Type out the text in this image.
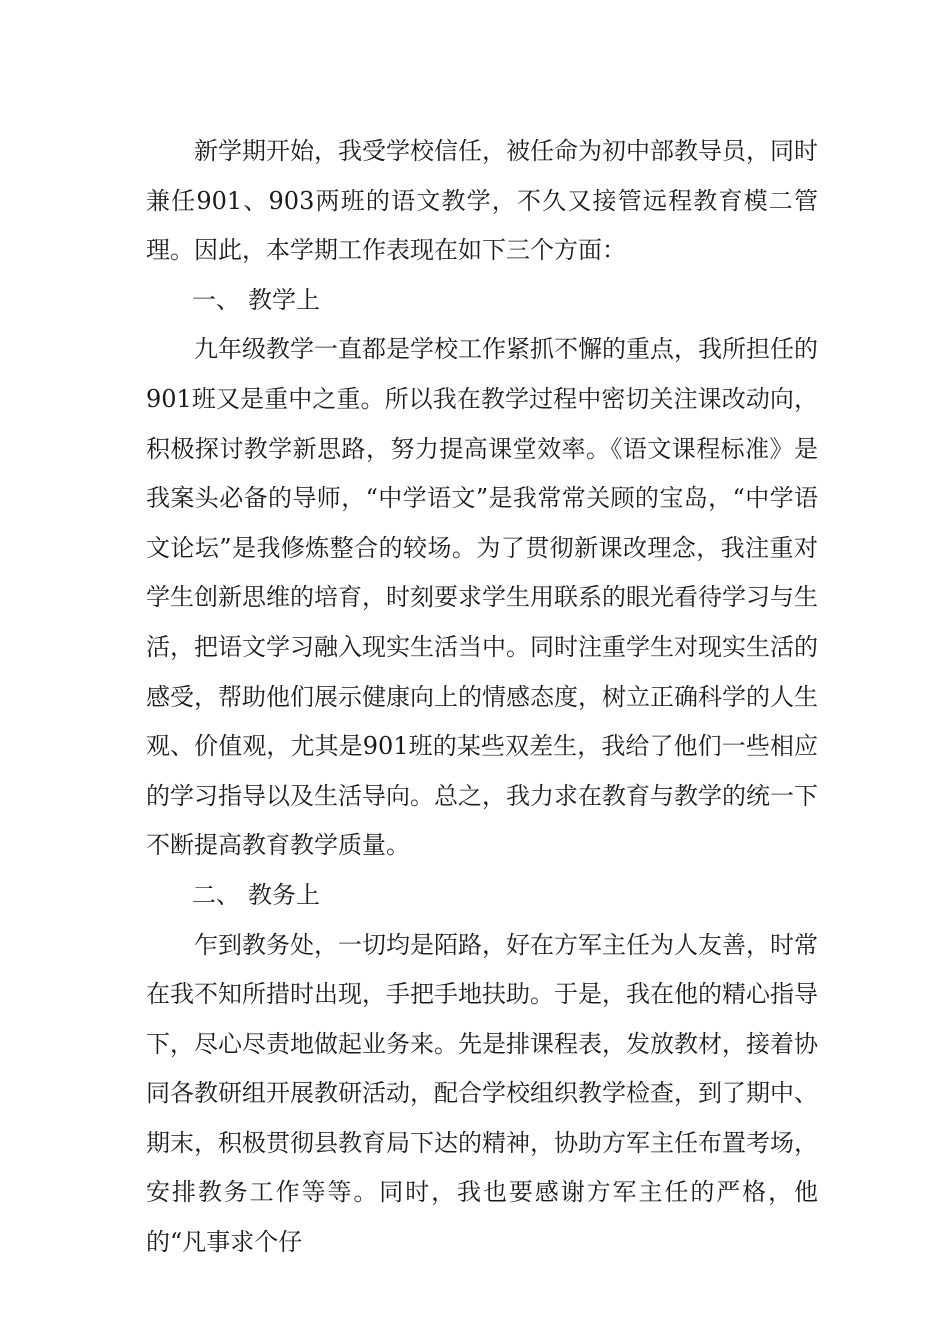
新学期开始，我受学校信任，被任命为初中部教导员，同时兼任901、903两班的语文教学，不久又接管远程教育模二管理。因此，本学期工作表现在如下三个方面：

一、 教学上

九年级教学一直都是学校工作紧抓不懈的重点，我所担任的901班又是重中之重。所以我在教学过程中密切关注课改动向，积极探讨教学新思路，努力提高课堂效率。《语文课程标准》是我案头必备的导师，“中学语文”是我常常关顾的宝岛，“中学语文论坛”是我修炼整合的较场。为了贯彻新课改理念，我注重对学生创新思维的培育，时刻要求学生用联系的眼光看待学习与生活，把语文学习融入现实生活当中。同时注重学生对现实生活的感受，帮助他们展示健康向上的情感态度，树立正确科学的人生观、价值观，尤其是901班的某些双差生，我给了他们一些相应的学习指导以及生活导向。总之，我力求在教育与教学的统一下不断提高教育教学质量。

二、 教务上

乍到教务处，一切均是陌路，好在方军主任为人友善，时常在我不知所措时出现，手把手地扶助。于是，我在他的精心指导下，尽心尽责地做起业务来。先是排课程表，发放教材，接着协同各教研组开展教研活动，配合学校组织教学检查，到了期中、期末，积极贯彻县教育局下达的精神，协助方军主任布置考场，安排教务工作等等。同时，我也要感谢方军主任的严格，他的“凡事求个仔
